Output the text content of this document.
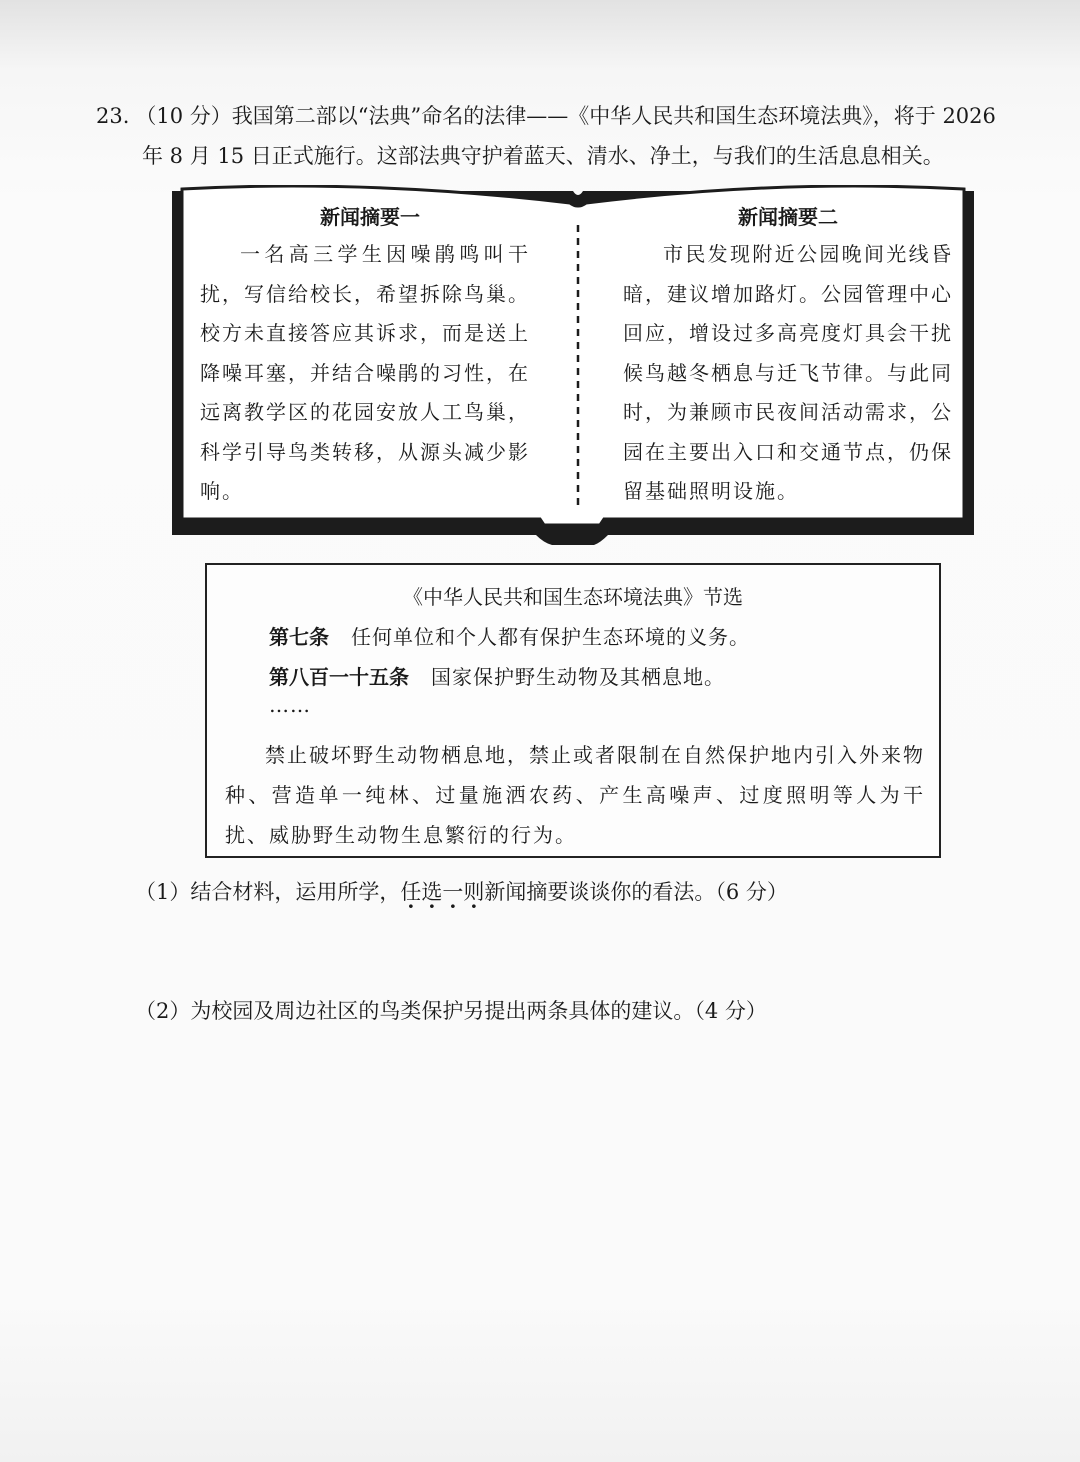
23. （10 分）我国第二部以“法典”命名的法律——《中华人民共和国生态环境法典》，将于 2026
年 8 月 15 日正式施行。这部法典守护着蓝天、清水、净土，与我们的生活息息相关。
新闻摘要一

一名高三学生因噪鹃鸣叫干扰，写信给校长，希望拆除鸟巢。校方未直接答应其诉求，而是送上降噪耳塞，并结合噪鹃的习性，在远离教学区的花园安放人工鸟巢，科学引导鸟类转移，从源头减少影响。

新闻摘要二

市民发现附近公园晚间光线昏暗，建议增加路灯。公园管理中心回应，增设过多高亮度灯具会干扰候鸟越冬栖息与迁飞节律。与此同时，为兼顾市民夜间活动需求，公园在主要出入口和交通节点，仍保留基础照明设施。

《中华人民共和国生态环境法典》节选
第七条 任何单位和个人都有保护生态环境的义务。
第八百一十五条 国家保护野生动物及其栖息地。
……
禁止破坏野生动物栖息地，禁止或者限制在自然保护地内引入外来物种、营造单一纯林、过量施洒农药、产生高噪声、过度照明等人为干扰、威胁野生动物生息繁衍的行为。
（1）结合材料，运用所学，任选一则新闻摘要谈谈你的看法。（6 分）
（2）为校园及周边社区的鸟类保护另提出两条具体的建议。（4 分）
